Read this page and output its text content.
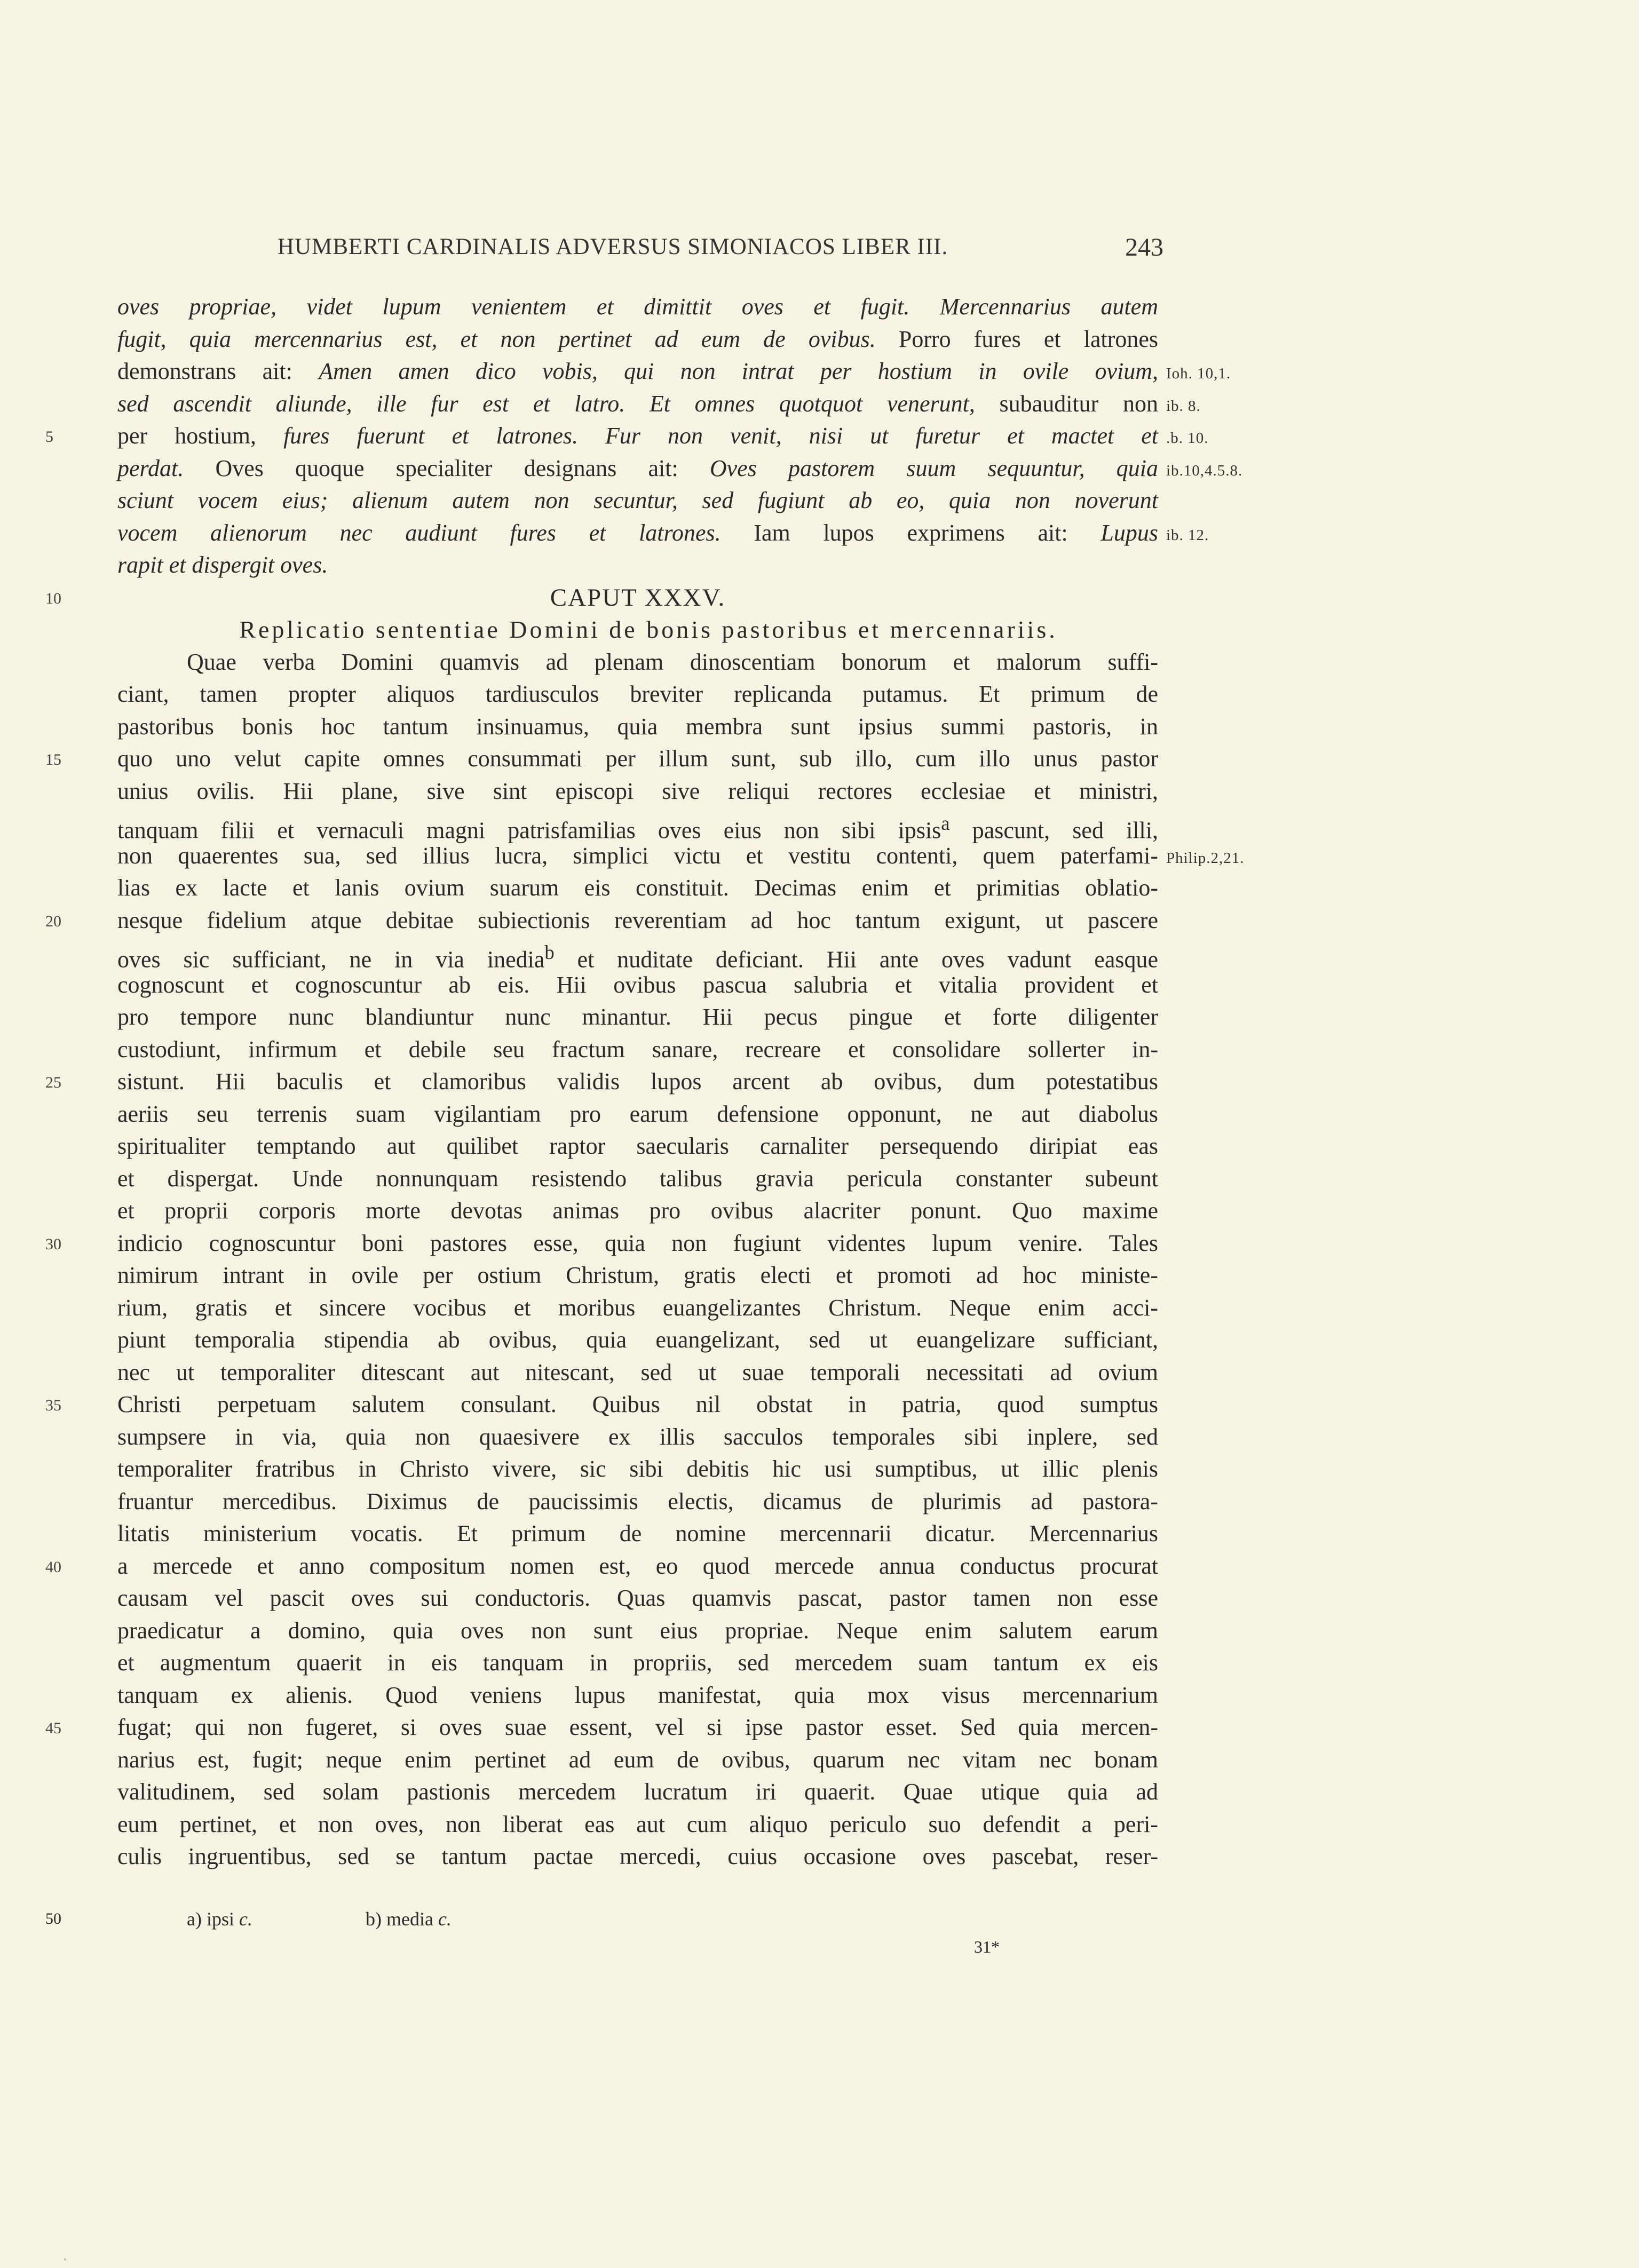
HUMBERTI CARDINALIS ADVERSUS SIMONIACOS LIBER III.	243
oves propriae, videt lupum venientem et dimittit oves et fugit. Mercennarius autem
fugit, quia mercennarius est, et non pertinet ad eum de ovibus. Porro fures et latrones
demonstrans ait: Amen amen dico vobis, qui non intrat per hostium in ovile ovium, Ioh. 10,1.
sed ascendit aliunde, ille fur est et latro. Et omnes quotquot venerunt, subauditur non ib. 8.
per hostium, fures fuerunt et latrones. Fur non venit, nisi ut furetur et mactet et
5	.b. 10.
perdat. Oves quoque specialiter designans ait: Oves pastorem suum sequuntur, quia ib.10,4.5.8.
sciunt vocem eius; alienum autem non secuntur, sed fugiunt ab eo, quia non noverunt
vocem alienorum nec audiunt fures et latrones. Iam lupos exprimens ait: Lupus ib. 12.
rapit et dispergit oves.
CAPUT XXXV.
10
Replicatio sententiae Domini de bonis pastoribus et mercennariis.
Quae verba Domini quamvis ad plenam dinoscentiam bonorum et malorum suffi-
ciant, tamen propter aliquos tardiusculos breviter replicanda putamus. Et primum de
pastoribus bonis hoc tantum insinuamus, quia membra sunt ipsius summi pastoris, in
quo uno velut capite omnes consummati per illum sunt, sub illo, cum illo unus pastor
15
unius ovilis. Hii plane, sive sint episcopi sive reliqui rectores ecclesiae et ministri,
tanquam filii et vernaculi magni patrisfamilias oves eius non sibi ipsis$^a$ pascunt, sed illi,
non quaerentes sua, sed illius lucra, simplici victu et vestitu contenti, quem paterfami- Philip.2,21.
lias ex lacte et lanis ovium suarum eis constituit. Decimas enim et primitias oblatio-
nesque fidelium atque debitae subiectionis reverentiam ad hoc tantum exigunt, ut pascere
20
oves sic sufficiant, ne in via inedia$^b$ et nuditate deficiant. Hii ante oves vadunt easque
cognoscunt et cognoscuntur ab eis. Hii ovibus pascua salubria et vitalia provident et
pro tempore nunc blandiuntur nunc minantur. Hii pecus pingue et forte diligenter
custodiunt, infirmum et debile seu fractum sanare, recreare et consolidare sollerter in-
sistunt. Hii baculis et clamoribus validis lupos arcent ab ovibus, dum potestatibus
25
aeriis seu terrenis suam vigilantiam pro earum defensione opponunt, ne aut diabolus
spiritualiter temptando aut quilibet raptor saecularis carnaliter persequendo diripiat eas
et dispergat. Unde nonnunquam resistendo talibus gravia pericula constanter subeunt
et proprii corporis morte devotas animas pro ovibus alacriter ponunt. Quo maxime
indicio cognoscuntur boni pastores esse, quia non fugiunt videntes lupum venire. Tales
30
nimirum intrant in ovile per ostium Christum, gratis electi et promoti ad hoc ministe-
rium, gratis et sincere vocibus et moribus euangelizantes Christum. Neque enim acci-
piunt temporalia stipendia ab ovibus, quia euangelizant, sed ut euangelizare sufficiant,
nec ut temporaliter ditescant aut nitescant, sed ut suae temporali necessitati ad ovium
Christi perpetuam salutem consulant. Quibus nil obstat in patria, quod sumptus
35
sumpsere in via, quia non quaesivere ex illis sacculos temporales sibi inplere, sed
temporaliter fratribus in Christo vivere, sic sibi debitis hic usi sumptibus, ut illic plenis
fruantur mercedibus. Diximus de paucissimis electis, dicamus de plurimis ad pastora-
litatis ministerium vocatis. Et primum de nomine mercennarii dicatur. Mercennarius
a mercede et anno compositum nomen est, eo quod mercede annua conductus procurat
40
causam vel pascit oves sui conductoris. Quas quamvis pascat, pastor tamen non esse
praedicatur a domino, quia oves non sunt eius propriae. Neque enim salutem earum
et augmentum quaerit in eis tanquam in propriis, sed mercedem suam tantum ex eis
tanquam ex alienis. Quod veniens lupus manifestat, quia mox visus mercennarium
fugat; qui non fugeret, si oves suae essent, vel si ipse pastor esset. Sed quia mercen-
45
narius est, fugit; neque enim pertinet ad eum de ovibus, quarum nec vitam nec bonam
valitudinem, sed solam pastionis mercedem lucratum iri quaerit. Quae utique quia ad
eum pertinet, et non oves, non liberat eas aut cum aliquo periculo suo defendit a peri-
culis ingruentibus, sed se tantum pactae mercedi, cuius occasione oves pascebat, reser-
50	a) ipsi c.	b) media c.
31*
